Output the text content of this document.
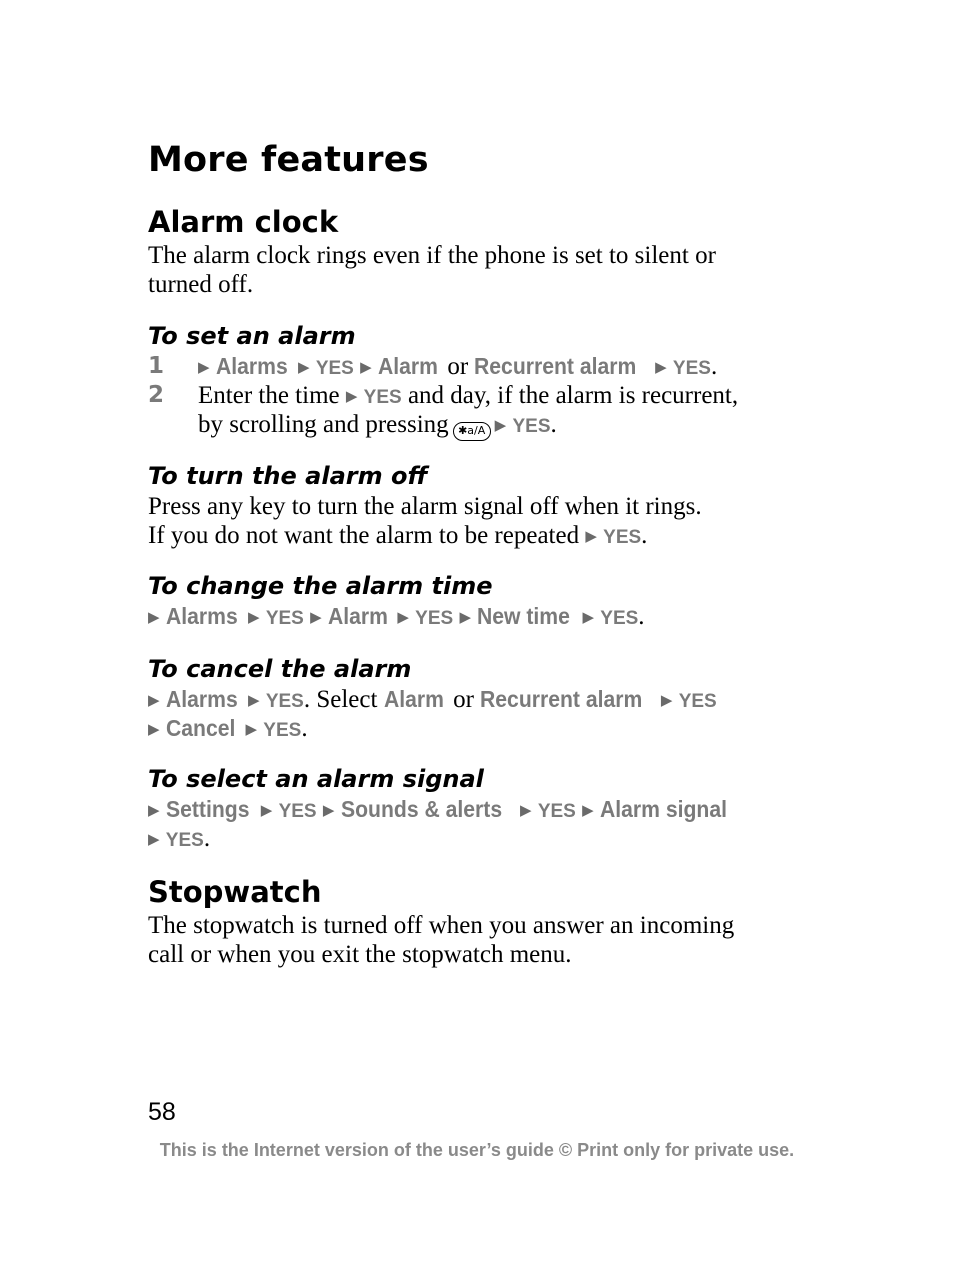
More features
Alarm clock
The alarm clock rings even if the phone is set to silent or
turned off.
To set an alarm
1 ▶ Alarms ▶ YES ▶ Alarm or Recurrent alarm ▶ YES.
2 Enter the time ▶ YES and day, if the alarm is recurrent,
by scrolling and pressing ✱a/A ▶ YES.
To turn the alarm off
Press any key to turn the alarm signal off when it rings.
If you do not want the alarm to be repeated ▶ YES.
To change the alarm time
▶ Alarms ▶ YES ▶ Alarm ▶ YES ▶ New time ▶ YES.
To cancel the alarm
▶ Alarms ▶ YES. Select Alarm or Recurrent alarm ▶ YES
▶ Cancel ▶ YES.
To select an alarm signal
▶ Settings ▶ YES ▶ Sounds & alerts ▶ YES ▶ Alarm signal
▶ YES.
Stopwatch
The stopwatch is turned off when you answer an incoming
call or when you exit the stopwatch menu.
58
This is the Internet version of the user’s guide © Print only for private use.
